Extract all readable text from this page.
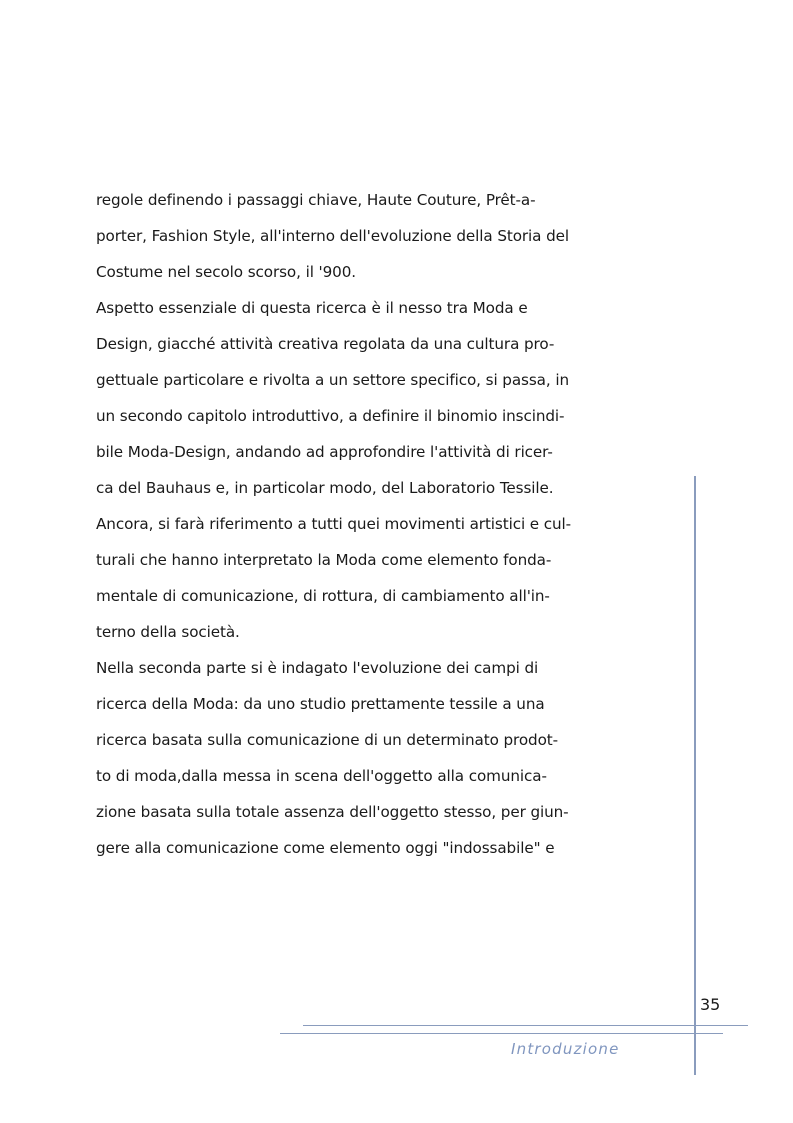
regole definendo i passaggi chiave, Haute Couture, Prêt-a-
porter, Fashion Style, all'interno dell'evoluzione della Storia del
Costume nel secolo scorso, il '900.
Aspetto essenziale di questa ricerca è il nesso tra Moda e
Design, giacché attività creativa regolata da una cultura pro-
gettuale particolare e rivolta a un settore specifico, si passa, in
un secondo capitolo introduttivo, a definire il binomio inscindi-
bile Moda-Design, andando ad approfondire l'attività di ricer-
ca del Bauhaus e, in particolar modo, del Laboratorio Tessile.
Ancora, si farà riferimento a tutti quei movimenti artistici e cul-
turali che hanno interpretato la Moda come elemento fonda-
mentale di comunicazione, di rottura, di cambiamento all'in-
terno della società.
Nella seconda parte si è indagato l'evoluzione dei campi di
ricerca della Moda: da uno studio prettamente tessile a una
ricerca basata sulla comunicazione di un determinato prodot-
to di moda,dalla messa in scena dell'oggetto alla comunica-
zione basata sulla totale assenza dell'oggetto stesso, per giun-
gere alla comunicazione come elemento oggi "indossabile" e
35
Introduzione
